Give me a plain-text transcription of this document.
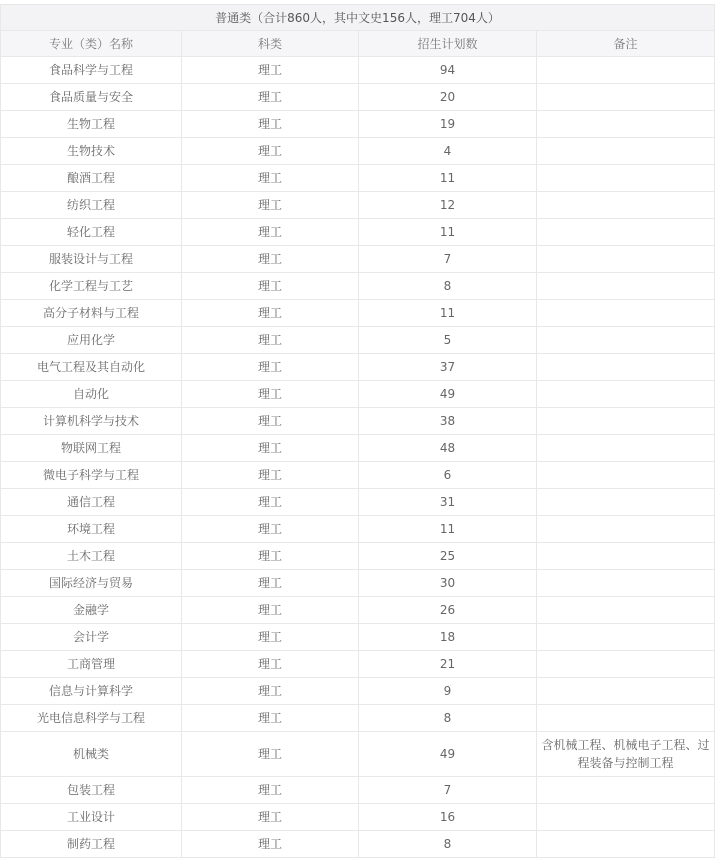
普通类（合计860人，其中文史156人，理工704人）			
专业（类）名称	科类	招生计划数	备注
食品科学与工程	理工	94	
食品质量与安全	理工	20	
生物工程	理工	19	
生物技术	理工	4	
酿酒工程	理工	11	
纺织工程	理工	12	
轻化工程	理工	11	
服装设计与工程	理工	7	
化学工程与工艺	理工	8	
高分子材料与工程	理工	11	
应用化学	理工	5	
电气工程及其自动化	理工	37	
自动化	理工	49	
计算机科学与技术	理工	38	
物联网工程	理工	48	
微电子科学与工程	理工	6	
通信工程	理工	31	
环境工程	理工	11	
土木工程	理工	25	
国际经济与贸易	理工	30	
金融学	理工	26	
会计学	理工	18	
工商管理	理工	21	
信息与计算科学	理工	9	
光电信息科学与工程	理工	8	
机械类	理工	49	含机械工程、机械电子工程、过程装备与控制工程
包装工程	理工	7	
工业设计	理工	16	
制药工程	理工	8	
